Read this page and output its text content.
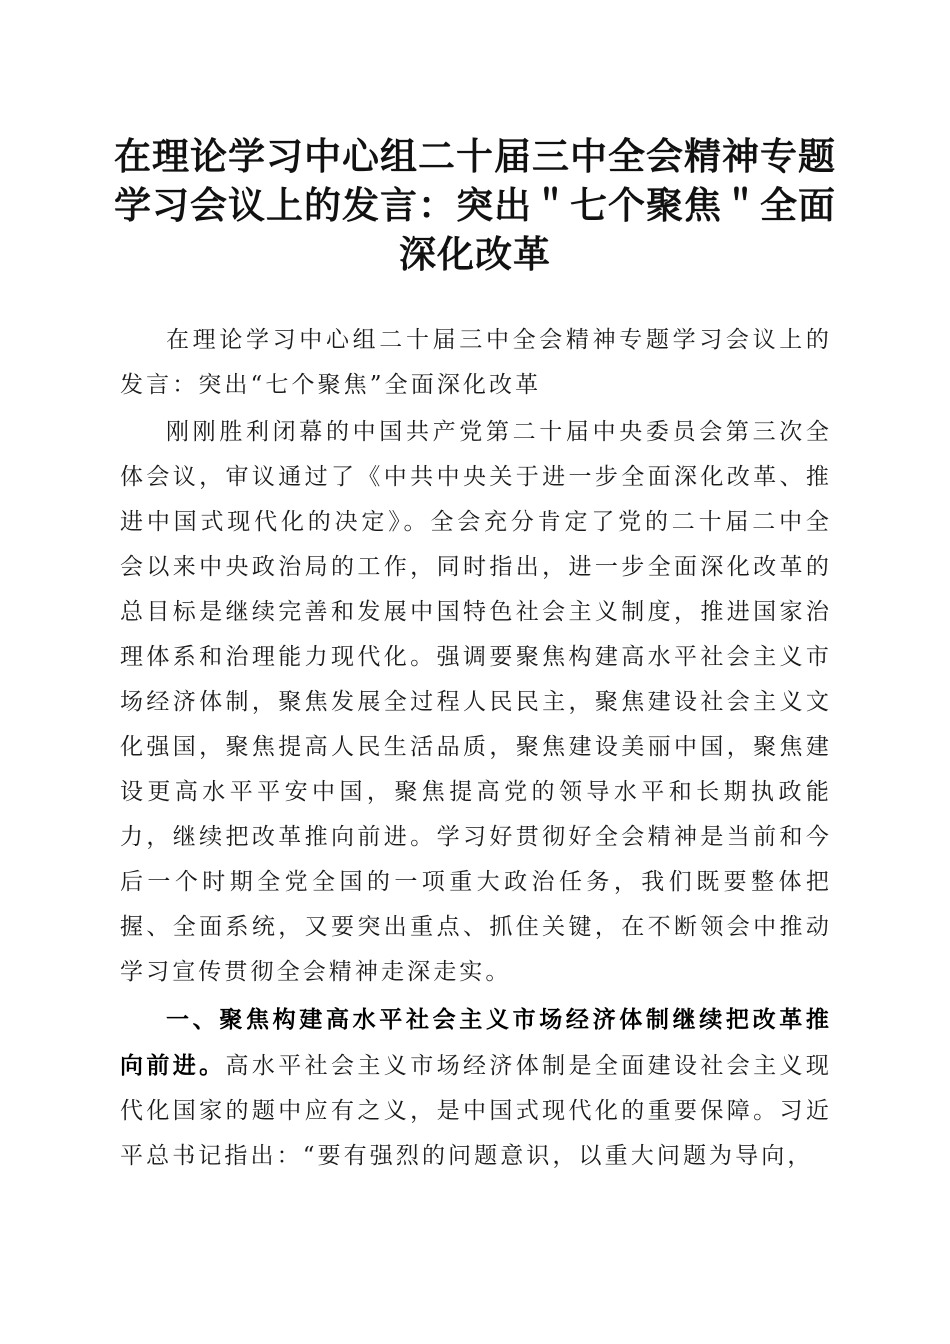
在理论学习中心组二十届三中全会精神专题学习会议上的发言：突出＂七个聚焦＂全面深化改革

在理论学习中心组二十届三中全会精神专题学习会议上的发言：突出“七个聚焦”全面深化改革

刚刚胜利闭幕的中国共产党第二十届中央委员会第三次全体会议，审议通过了《中共中央关于进一步全面深化改革、推进中国式现代化的决定》。全会充分肯定了党的二十届二中全会以来中央政治局的工作，同时指出，进一步全面深化改革的总目标是继续完善和发展中国特色社会主义制度，推进国家治理体系和治理能力现代化。强调要聚焦构建高水平社会主义市场经济体制，聚焦发展全过程人民民主，聚焦建设社会主义文化强国，聚焦提高人民生活品质，聚焦建设美丽中国，聚焦建设更高水平平安中国，聚焦提高党的领导水平和长期执政能力，继续把改革推向前进。学习好贯彻好全会精神是当前和今后一个时期全党全国的一项重大政治任务，我们既要整体把握、全面系统，又要突出重点、抓住关键，在不断领会中推动学习宣传贯彻全会精神走深走实。

一、聚焦构建高水平社会主义市场经济体制继续把改革推向前进。高水平社会主义市场经济体制是全面建设社会主义现代化国家的题中应有之义，是中国式现代化的重要保障。习近平总书记指出：“要有强烈的问题意识，以重大问题为导向，
